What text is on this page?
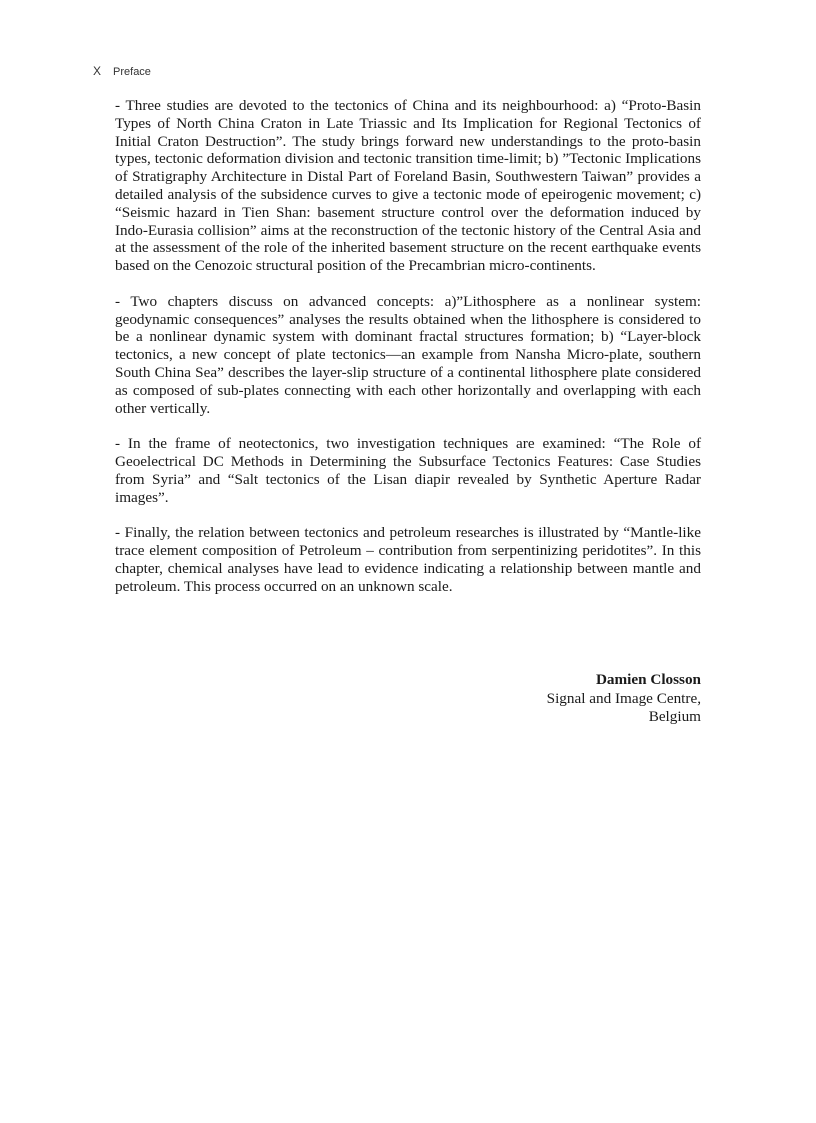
X Preface

- Three studies are devoted to the tectonics of China and its neighbourhood: a) “Proto-Basin Types of North China Craton in Late Triassic and Its Implication for Regional Tectonics of Initial Craton Destruction”. The study brings forward new understandings to the proto-basin types, tectonic deformation division and tectonic transition time-limit; b) ”Tectonic Implications of Stratigraphy Architecture in Distal Part of Foreland Basin, Southwestern Taiwan” provides a detailed analysis of the subsidence curves to give a tectonic mode of epeirogenic movement; c) “Seismic hazard in Tien Shan: basement structure control over the deformation induced by Indo-Eurasia collision” aims at the reconstruction of the tectonic history of the Central Asia and at the assessment of the role of the inherited basement structure on the recent earthquake events based on the Cenozoic structural position of the Precambrian micro-continents.

- Two chapters discuss on advanced concepts: a)”Lithosphere as a nonlinear system: geodynamic consequences” analyses the results obtained when the lithosphere is considered to be a nonlinear dynamic system with dominant fractal structures formation; b) “Layer-block tectonics, a new concept of plate tectonics—an example from Nansha Micro-plate, southern South China Sea” describes the layer-slip structure of a continental lithosphere plate considered as composed of sub-plates connecting with each other horizontally and overlapping with each other vertically.

- In the frame of neotectonics, two investigation techniques are examined: “The Role of Geoelectrical DC Methods in Determining the Subsurface Tectonics Features: Case Studies from Syria” and “Salt tectonics of the Lisan diapir revealed by Synthetic Aperture Radar images”.

- Finally, the relation between tectonics and petroleum researches is illustrated by “Mantle-like trace element composition of Petroleum – contribution from serpentinizing peridotites”. In this chapter, chemical analyses have lead to evidence indicating a relationship between mantle and petroleum. This process occurred on an unknown scale.

Damien Closson
Signal and Image Centre,
Belgium
